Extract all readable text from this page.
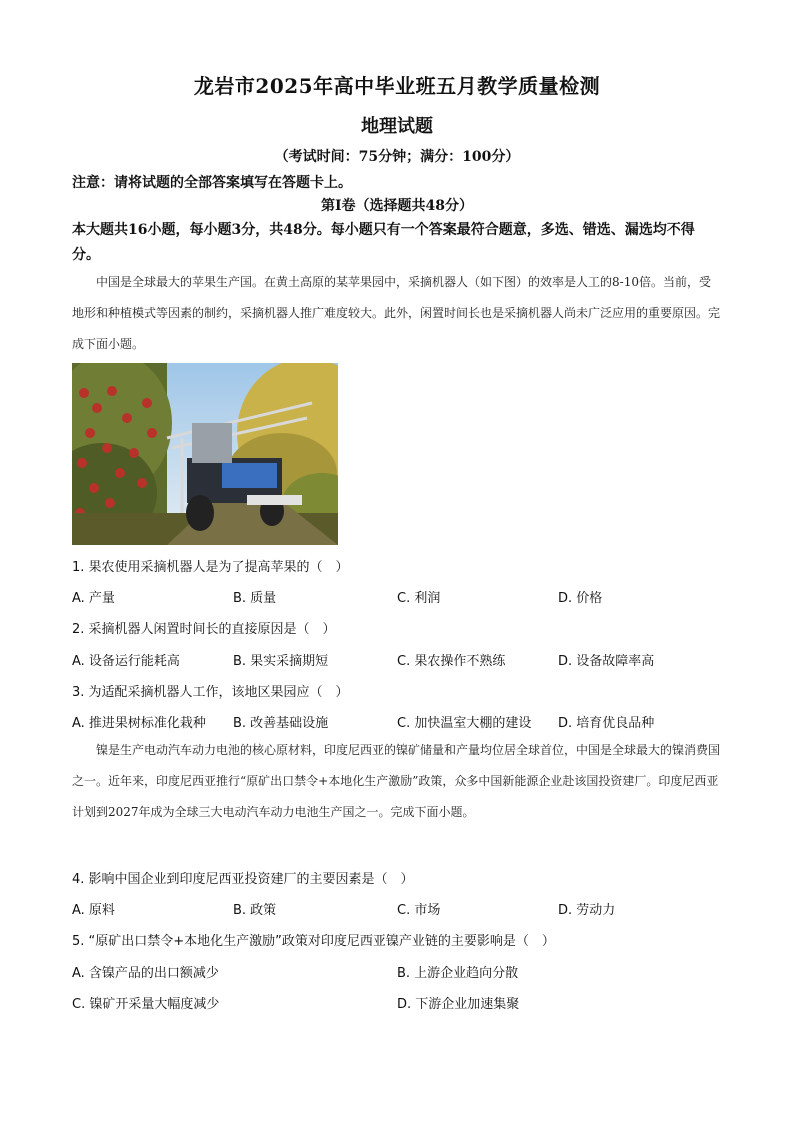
龙岩市2025年高中毕业班五月教学质量检测
地理试题
（考试时间：75分钟；满分：100分）
注意：请将试题的全部答案填写在答题卡上。
第Ⅰ卷（选择题共48分）
本大题共16小题，每小题3分，共48分。每小题只有一个答案最符合题意，多选、错选、漏选均不得分。
中国是全球最大的苹果生产国。在黄土高原的某苹果园中，采摘机器人（如下图）的效率是人工的8-10倍。当前，受地形和种植模式等因素的制约，采摘机器人推广难度较大。此外，闲置时间长也是采摘机器人尚未广泛应用的重要原因。完成下面小题。
1. 果农使用采摘机器人是为了提高苹果的（　）
A. 产量	B. 质量	C. 利润	D. 价格
2. 采摘机器人闲置时间长的直接原因是（　）
A. 设备运行能耗高	B. 果实采摘期短	C. 果农操作不熟练	D. 设备故障率高
3. 为适配采摘机器人工作，该地区果园应（　）
A. 推进果树标准化栽种 B. 改善基础设施	C. 加快温室大棚的建设 D. 培育优良品种
镍是生产电动汽车动力电池的核心原材料，印度尼西亚的镍矿储量和产量均位居全球首位，中国是全球最大的镍消费国之一。近年来，印度尼西亚推行“原矿出口禁令+本地化生产激励”政策，众多中国新能源企业赴该国投资建厂。印度尼西亚计划到2027年成为全球三大电动汽车动力电池生产国之一。完成下面小题。
4. 影响中国企业到印度尼西亚投资建厂的主要因素是（　）
A. 原料	B. 政策	C. 市场	D. 劳动力
5. “原矿出口禁令+本地化生产激励”政策对印度尼西亚镍产业链的主要影响是（　）
A. 含镍产品的出口额减少	B. 上游企业趋向分散
C. 镍矿开采量大幅度减少	D. 下游企业加速集聚
